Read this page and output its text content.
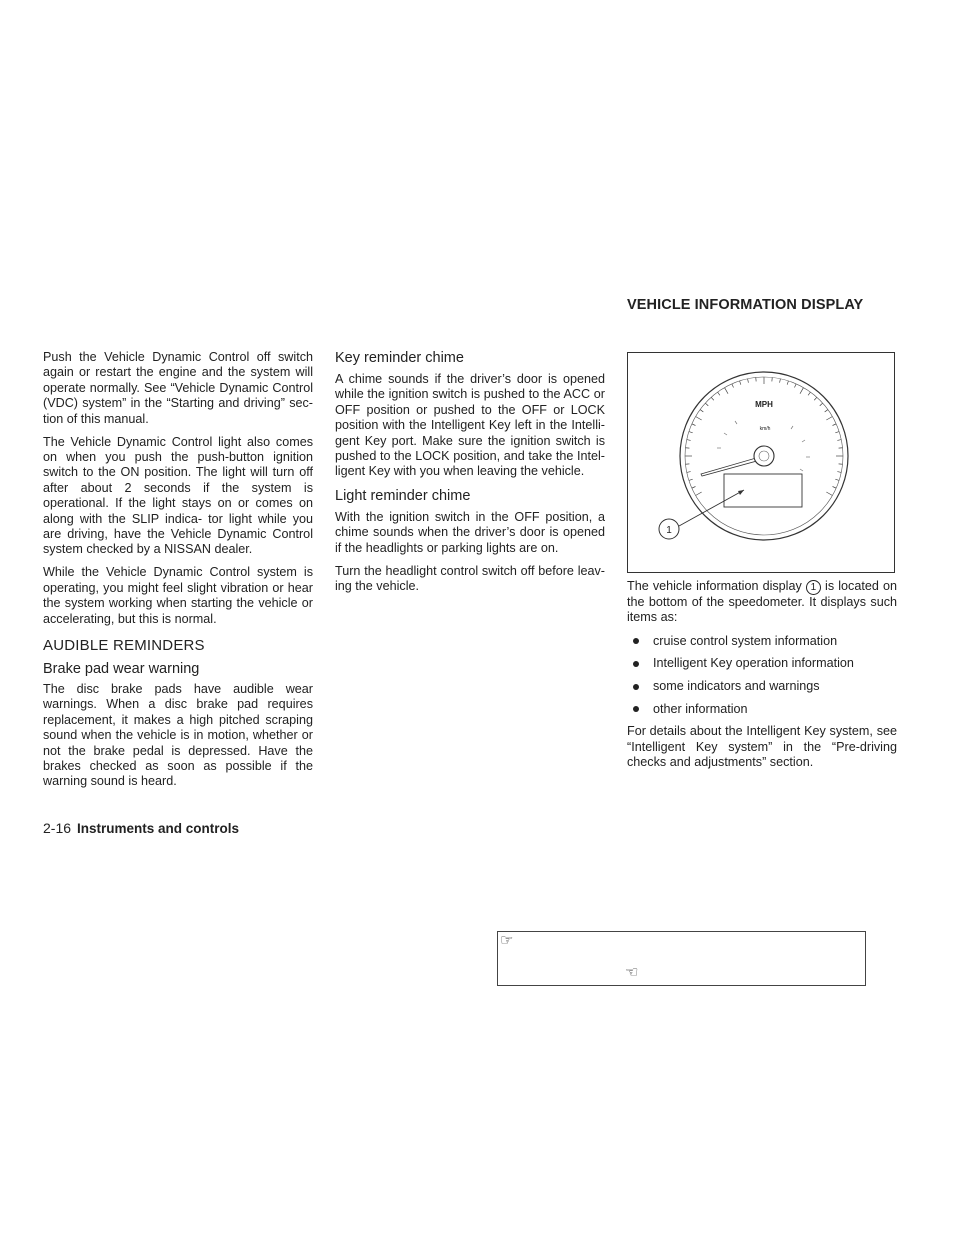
VEHICLE INFORMATION DISPLAY

Push the Vehicle Dynamic Control off switch again or restart the engine and the system will operate normally. See “Vehicle Dynamic Control (VDC) system” in the “Starting and driving” sec- tion of this manual.

The Vehicle Dynamic Control light also comes on when you push the push-button ignition switch to the ON position. The light will turn off after about 2 seconds if the system is operational. If the light stays on or comes on along with the SLIP indica- tor light while you are driving, have the Vehicle Dynamic Control system checked by a NISSAN dealer.

While the Vehicle Dynamic Control system is operating, you might feel slight vibration or hear the system working when starting the vehicle or accelerating, but this is normal.

AUDIBLE REMINDERS
Brake pad wear warning

The disc brake pads have audible wear warnings. When a disc brake pad requires replacement, it makes a high pitched scraping sound when the vehicle is in motion, whether or not the brake pedal is depressed. Have the brakes checked as soon as possible if the warning sound is heard.

Key reminder chime

A chime sounds if the driver’s door is opened while the ignition switch is pushed to the ACC or OFF position or pushed to the OFF or LOCK position with the Intelligent Key left in the Intelli- gent Key port. Make sure the ignition switch is pushed to the LOCK position, and take the Intel- ligent Key with you when leaving the vehicle.

Light reminder chime

With the ignition switch in the OFF position, a chime sounds when the driver’s door is opened if the headlights or parking lights are on.

Turn the headlight control switch off before leav- ing the vehicle.

MPH
km/h
1

The vehicle information display 1 is located on the bottom of the speedometer. It displays such items as:

cruise control system information
Intelligent Key operation information
some indicators and warnings
other information

For details about the Intelligent Key system, see “Intelligent Key system” in the “Pre-driving checks and adjustments” section.

2-16 Instruments and controls
☞
☜
